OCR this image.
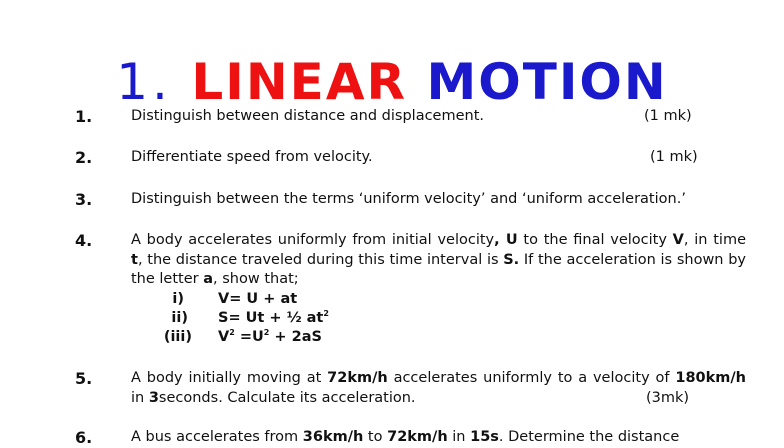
1. LINEAR MOTION
1.	Distinguish between distance and displacement.	(1 mk)
2.	Differentiate speed from velocity.	(1 mk)
3.	Distinguish between the terms ‘uniform velocity’ and ‘uniform acceleration.’
4.	A body accelerates uniformly from initial velocity, U to the final velocity V, in time t, the distance traveled during this time interval is S. If the acceleration is shown by the letter a, show that;
i) V= U + at
ii) S= Ut + ½ $at^2$
(iii) $V^2 =U^2 + 2aS$
5.	A body initially moving at 72km/h accelerates uniformly to a velocity of 180km/h in 3seconds. Calculate its acceleration.	(3mk)
6.	A bus accelerates from 36km/h to 72km/h in 15s. Determine the distance
